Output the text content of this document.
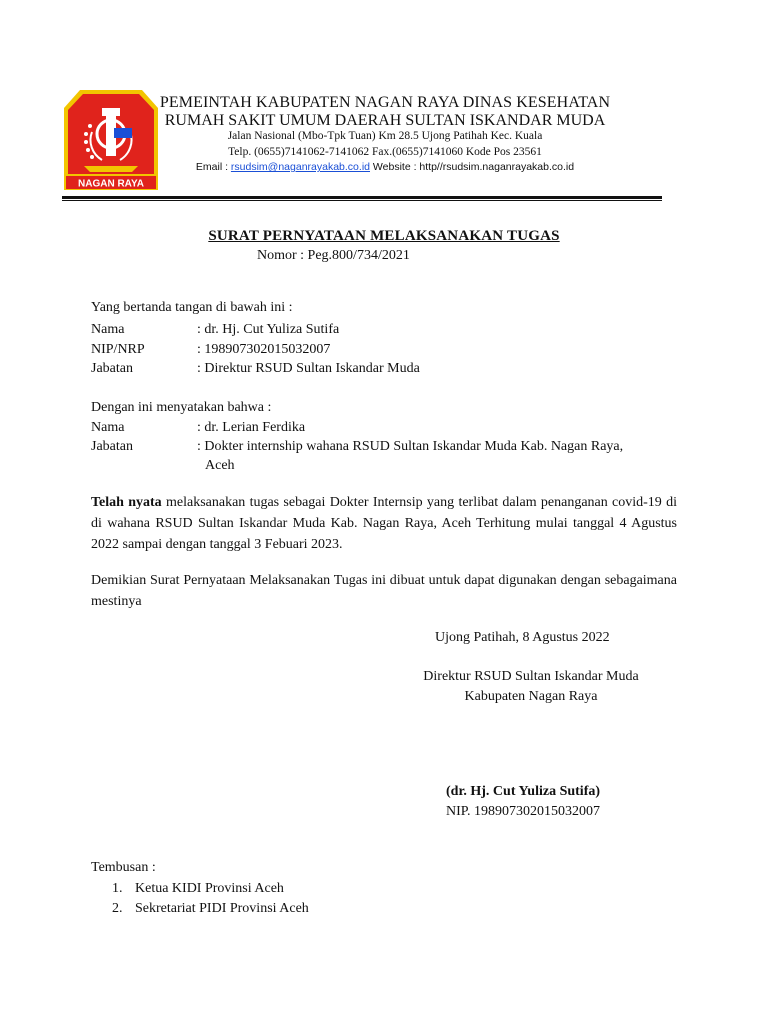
NAGAN RAYA
PEMEINTAH KABUPATEN NAGAN RAYA DINAS KESEHATAN
RUMAH SAKIT UMUM DAERAH SULTAN ISKANDAR MUDA
Jalan Nasional (Mbo-Tpk Tuan) Km 28.5 Ujong Patihah Kec. Kuala
Telp. (0655)7141062-7141062 Fax.(0655)7141060 Kode Pos 23561
Email : rsudsim@naganrayakab.co.id Website : http//rsudsim.naganrayakab.co.id
SURAT PERNYATAAN MELAKSANAKAN TUGAS
Nomor : Peg.800/734/2021
Yang bertanda tangan di bawah ini :
Nama	: dr. Hj. Cut Yuliza Sutifa
NIP/NRP	: 198907302015032007
Jabatan	: Direktur RSUD Sultan Iskandar Muda
Dengan ini menyatakan bahwa :
Nama	: dr. Lerian Ferdika
Jabatan	: Dokter internship wahana RSUD Sultan Iskandar Muda Kab. Nagan Raya,
Aceh
Telah nyata melaksanakan tugas sebagai Dokter Internsip yang terlibat dalam penanganan covid-19 di di wahana RSUD Sultan Iskandar Muda Kab. Nagan Raya, Aceh Terhitung mulai tanggal 4 Agustus 2022 sampai dengan tanggal 3 Febuari 2023.
Demikian Surat Pernyataan Melaksanakan Tugas ini dibuat untuk dapat digunakan dengan sebagaimana mestinya
Ujong Patihah, 8 Agustus 2022
Direktur RSUD Sultan Iskandar Muda
Kabupaten Nagan Raya
(dr. Hj. Cut Yuliza Sutifa)
NIP. 198907302015032007
Tembusan :
1. Ketua KIDI Provinsi Aceh
2. Sekretariat PIDI Provinsi Aceh
